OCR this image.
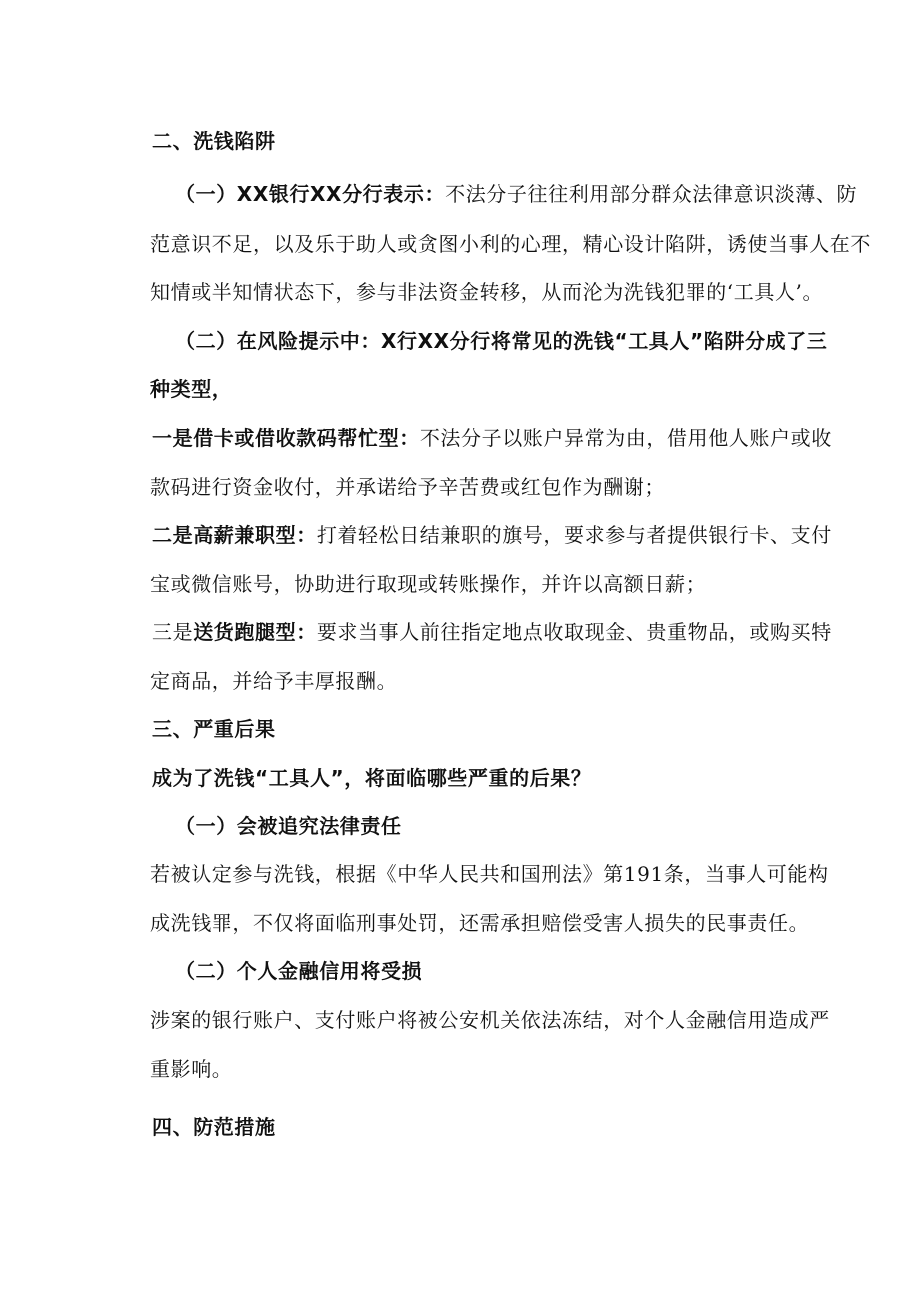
二、洗钱陷阱

（一）XX银行XX分行表示：不法分子往往利用部分群众法律意识淡薄、防

范意识不足，以及乐于助人或贪图小利的心理，精心设计陷阱，诱使当事人在不

知情或半知情状态下，参与非法资金转移，从而沦为洗钱犯罪的‘工具人’。

（二）在风险提示中：X行XX分行将常见的洗钱“工具人”陷阱分成了三

种类型，

一是借卡或借收款码帮忙型：不法分子以账户异常为由，借用他人账户或收

款码进行资金收付，并承诺给予辛苦费或红包作为酬谢；

二是高薪兼职型：打着轻松日结兼职的旗号，要求参与者提供银行卡、支付

宝或微信账号，协助进行取现或转账操作，并许以高额日薪；

三是送货跑腿型：要求当事人前往指定地点收取现金、贵重物品，或购买特

定商品，并给予丰厚报酬。

三、严重后果

成为了洗钱“工具人”，将面临哪些严重的后果？

（一）会被追究法律责任

若被认定参与洗钱，根据《中华人民共和国刑法》第191条，当事人可能构

成洗钱罪，不仅将面临刑事处罚，还需承担赔偿受害人损失的民事责任。

（二）个人金融信用将受损

涉案的银行账户、支付账户将被公安机关依法冻结，对个人金融信用造成严

重影响。

四、防范措施
